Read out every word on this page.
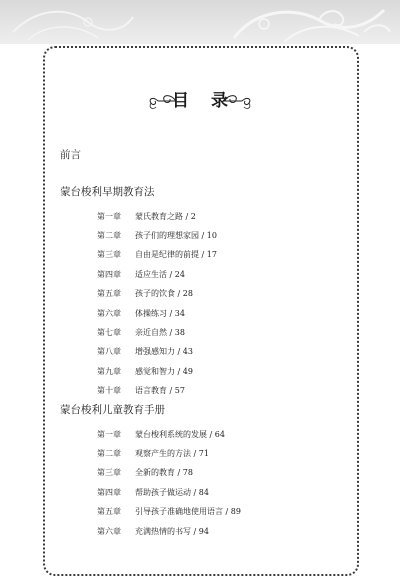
目 录
前言
蒙台梭利早期教育法
第一章	蒙氏教育之路 / 2
第二章	孩子们的理想家园 / 10
第三章	自由是纪律的前提 / 17
第四章	适应生活 / 24
第五章	孩子的饮食 / 28
第六章	体操练习 / 34
第七章	亲近自然 / 38
第八章	增强感知力 / 43
第九章	感觉和智力 / 49
第十章	语言教育 / 57
蒙台梭利儿童教育手册
第一章	蒙台梭利系统的发展 / 64
第二章	观察产生的方法 / 71
第三章	全新的教育 / 78
第四章	帮助孩子做运动 / 84
第五章	引导孩子准确地使用语言 / 89
第六章	充满热情的书写 / 94
